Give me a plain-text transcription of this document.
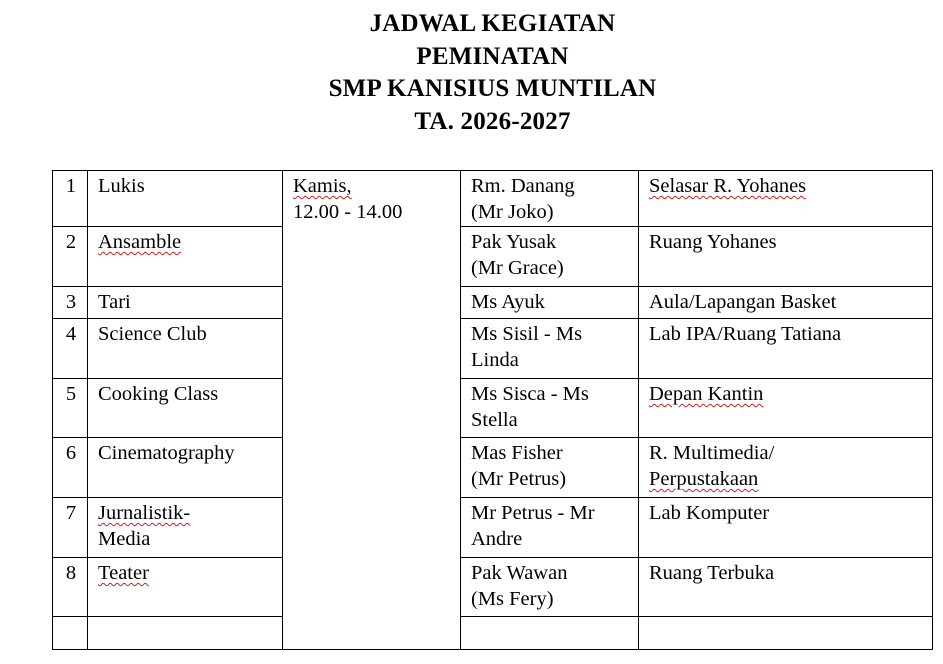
JADWAL KEGIATAN
PEMINATAN
SMP KANISIUS MUNTILAN
TA. 2026-2027
1	Lukis	Kamis,
12.00 - 14.00	Rm. Danang
(Mr Joko)	Selasar R. Yohanes

2	Ansamble		Pak Yusak
(Mr Grace)	Ruang Yohanes

3	Tari		Ms Ayuk	Aula/Lapangan Basket

4	Science Club		Ms Sisil - Ms
Linda	Lab IPA/Ruang Tatiana

5	Cooking Class		Ms Sisca - Ms
Stella	Depan Kantin

6	Cinematography		Mas Fisher
(Mr Petrus)	R. Multimedia/
Perpustakaan

7	Jurnalistik-
Media		Mr Petrus - Mr
Andre	Lab Komputer

8	Teater		Pak Wawan
(Ms Fery)	Ruang Terbuka
